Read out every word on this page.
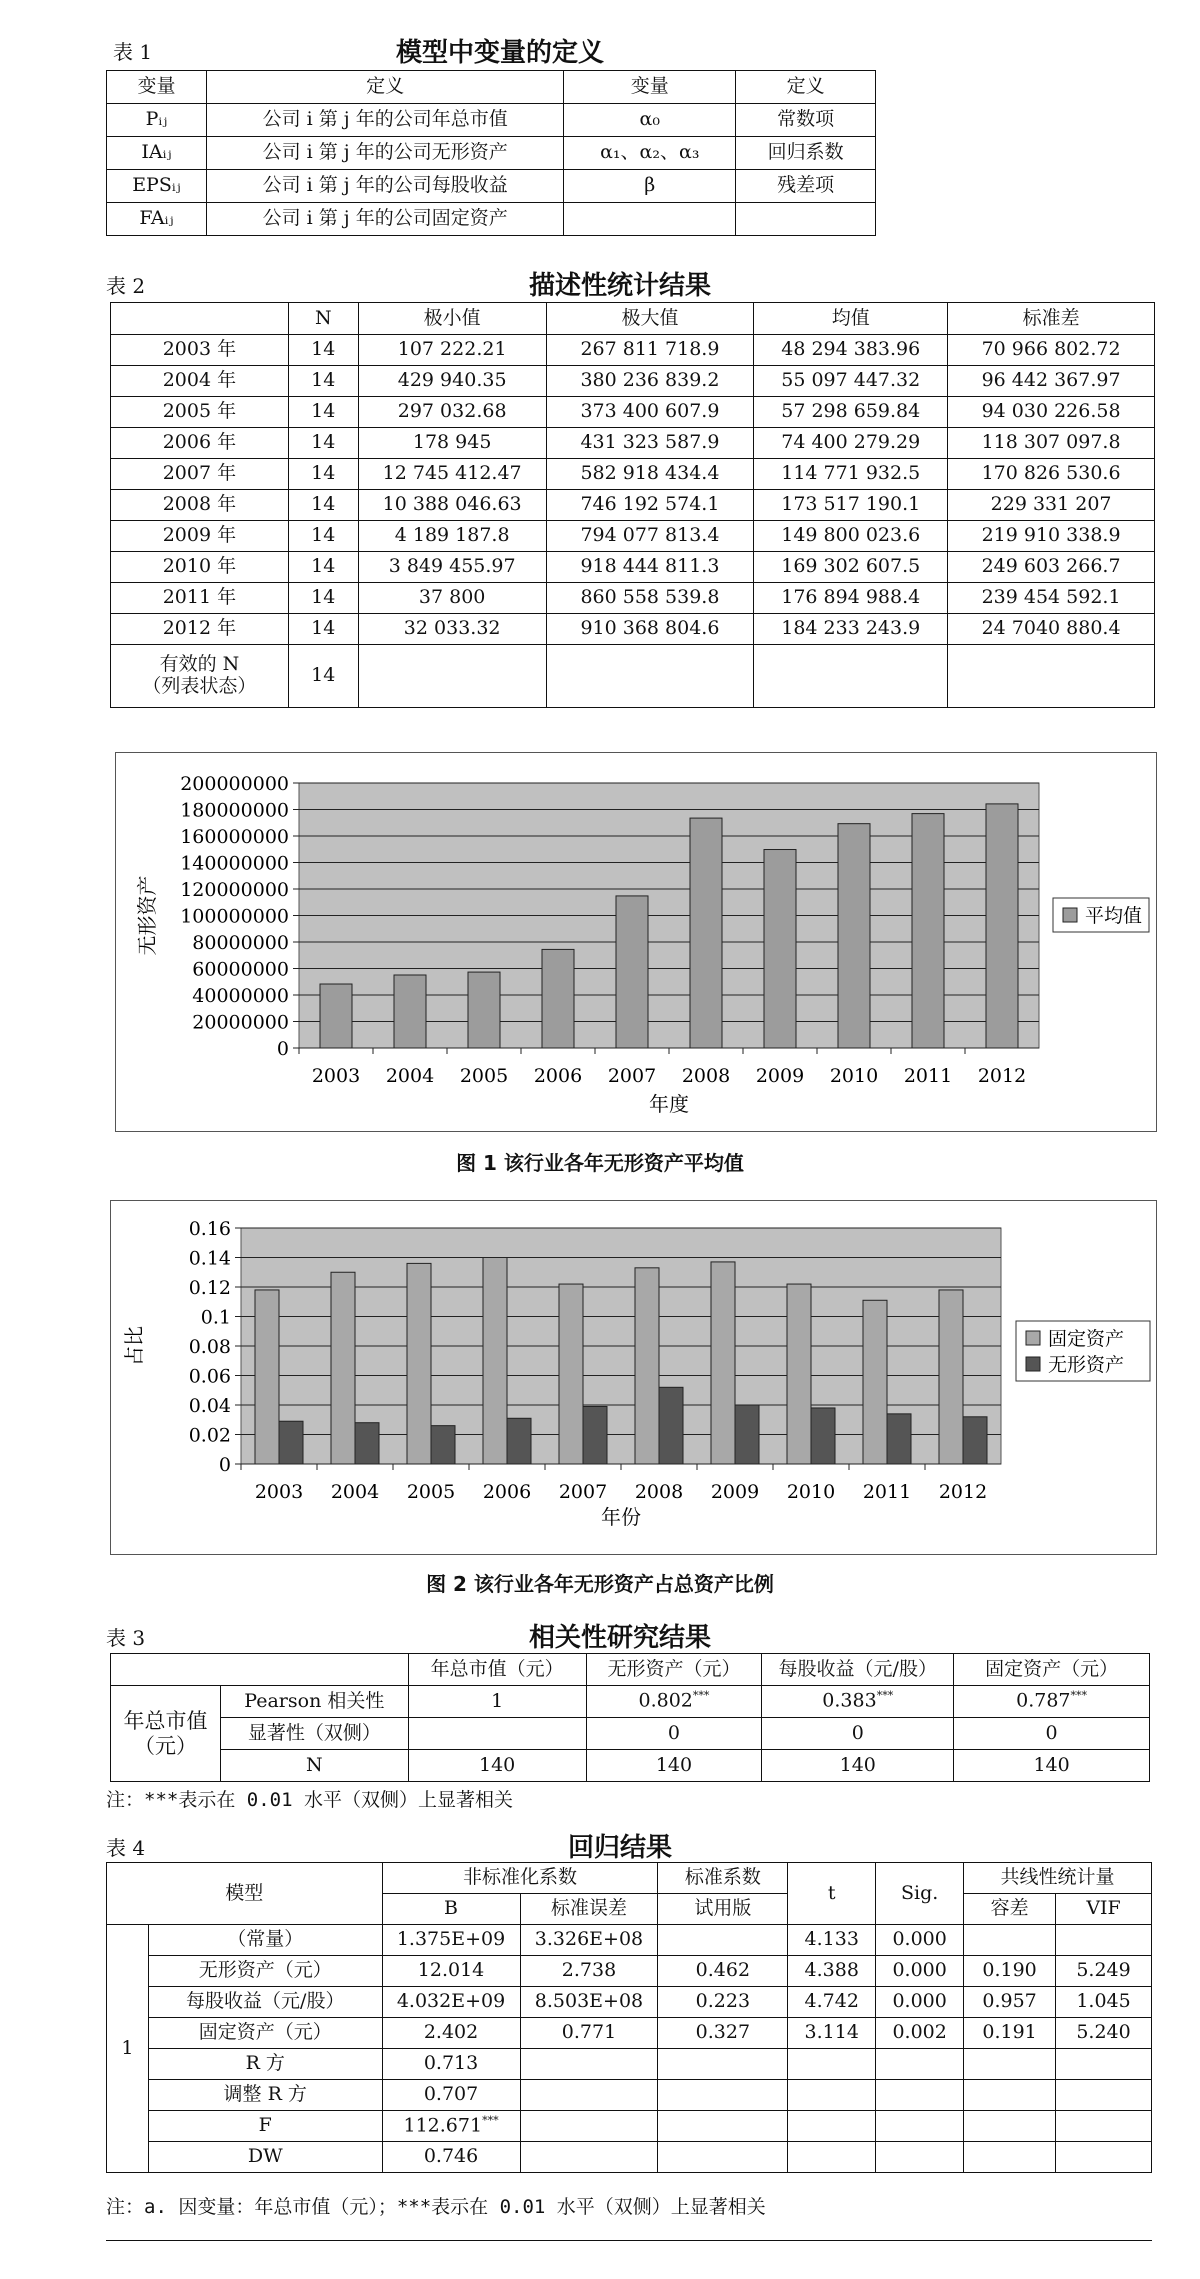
表 1	模型中变量的定义
变量	定义	变量	定义
Pᵢⱼ	公司 i 第 j 年的公司年总市值	α₀	常数项
IAᵢⱼ	公司 i 第 j 年的公司无形资产	α₁、α₂、α₃	回归系数
EPSᵢⱼ	公司 i 第 j 年的公司每股收益	β	残差项
FAᵢⱼ	公司 i 第 j 年的公司固定资产		
表 2	描述性统计结果
	N	极小值	极大值	均值	标准差
2003 年	14	107 222.21	267 811 718.9	48 294 383.96	70 966 802.72
2004 年	14	429 940.35	380 236 839.2	55 097 447.32	96 442 367.97
2005 年	14	297 032.68	373 400 607.9	57 298 659.84	94 030 226.58
2006 年	14	178 945	431 323 587.9	74 400 279.29	118 307 097.8
2007 年	14	12 745 412.47	582 918 434.4	114 771 932.5	170 826 530.6
2008 年	14	10 388 046.63	746 192 574.1	173 517 190.1	229 331 207
2009 年	14	4 189 187.8	794 077 813.4	149 800 023.6	219 910 338.9
2010 年	14	3 849 455.97	918 444 811.3	169 302 607.5	249 603 266.7
2011 年	14	37 800	860 558 539.8	176 894 988.4	239 454 592.1
2012 年	14	32 033.32	910 368 804.6	184 233 243.9	24 7040 880.4
有效的 N
（列表状态）	14				
200000000
180000000
160000000
140000000
120000000
100000000
80000000
60000000
40000000
20000000
0
2003 2004 2005 2006 2007 2008 2009 2010 2011 2012
年度
无形资产	平均值
图 1 该行业各年无形资产平均值
0.16
0.14
0.12
0.1
0.08
0.06
0.04
0.02
0
2003 2004 2005 2006 2007 2008 2009 2010 2011 2012
年份
占比	固定资产
无形资产
图 2 该行业各年无形资产占总资产比例
表 3	相关性研究结果
		年总市值（元）	无形资产（元）	每股收益（元/股）	固定资产（元）
年总市值
（元）	Pearson 相关性	1	0.802***	0.383***	0.787***
	显著性（双侧）		0	0	0
	N	140	140	140	140
注：***表示在 0.01 水平（双侧）上显著相关
表 4	回归结果
模型		非标准化系数		标准系数	t	Sig.	共线性统计量	
		B	标准误差	试用版			容差	VIF
1	（常量）	1.375E+09	3.326E+08		4.133	0.000		
	无形资产（元）	12.014	2.738	0.462	4.388	0.000	0.190	5.249
	每股收益（元/股）	4.032E+09	8.503E+08	0.223	4.742	0.000	0.957	1.045
	固定资产（元）	2.402	0.771	0.327	3.114	0.002	0.191	5.240
	R 方	0.713						
	调整 R 方	0.707						
	F	112.671***						
	DW	0.746						
注：a. 因变量：年总市值（元）；***表示在 0.01 水平（双侧）上显著相关
